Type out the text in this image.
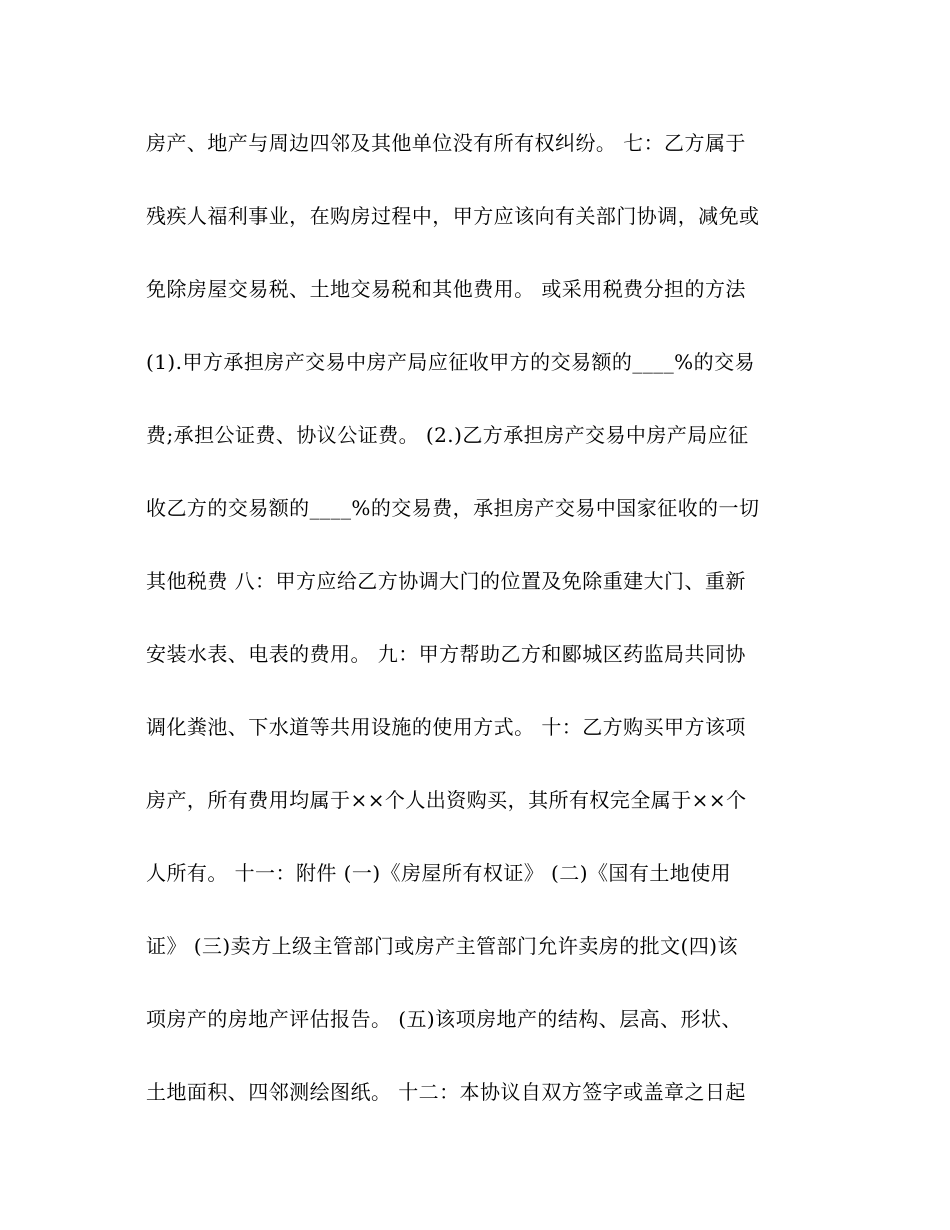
房产、地产与周边四邻及其他单位没有所有权纠纷。 七：乙方属于
残疾人福利事业，在购房过程中，甲方应该向有关部门协调，减免或
免除房屋交易税、土地交易税和其他费用。 或采用税费分担的方法
(1).甲方承担房产交易中房产局应征收甲方的交易额的____%的交易
费;承担公证费、协议公证费。 (2.)乙方承担房产交易中房产局应征
收乙方的交易额的____%的交易费，承担房产交易中国家征收的一切
其他税费 八：甲方应给乙方协调大门的位置及免除重建大门、重新
安装水表、电表的费用。 九：甲方帮助乙方和郾城区药监局共同协
调化粪池、下水道等共用设施的使用方式。 十：乙方购买甲方该项
房产，所有费用均属于××个人出资购买，其所有权完全属于××个
人所有。 十一：附件 (一)《房屋所有权证》 (二)《国有土地使用
证》 (三)卖方上级主管部门或房产主管部门允许卖房的批文(四)该
项房产的房地产评估报告。 (五)该项房地产的结构、层高、形状、
土地面积、四邻测绘图纸。 十二：本协议自双方签字或盖章之日起
